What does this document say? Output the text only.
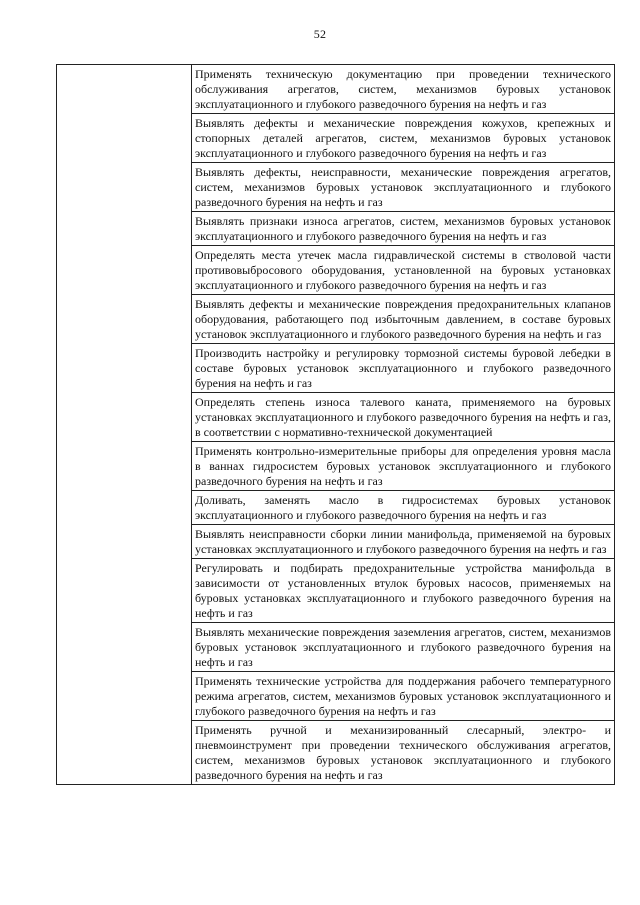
52

Применять техническую документацию при проведении технического обслуживания агрегатов, систем, механизмов буровых установок эксплуатационного и глубокого разведочного бурения на нефть и газ
Выявлять дефекты и механические повреждения кожухов, крепежных и стопорных деталей агрегатов, систем, механизмов буровых установок эксплуатационного и глубокого разведочного бурения на нефть и газ
Выявлять дефекты, неисправности, механические повреждения агрегатов, систем, механизмов буровых установок эксплуатационного и глубокого разведочного бурения на нефть и газ
Выявлять признаки износа агрегатов, систем, механизмов буровых установок эксплуатационного и глубокого разведочного бурения на нефть и газ
Определять места утечек масла гидравлической системы в стволовой части противовыбросового оборудования, установленной на буровых установках эксплуатационного и глубокого разведочного бурения на нефть и газ
Выявлять дефекты и механические повреждения предохранительных клапанов оборудования, работающего под избыточным давлением, в составе буровых установок эксплуатационного и глубокого разведочного бурения на нефть и газ
Производить настройку и регулировку тормозной системы буровой лебедки в составе буровых установок эксплуатационного и глубокого разведочного бурения на нефть и газ
Определять степень износа талевого каната, применяемого на буровых установках эксплуатационного и глубокого разведочного бурения на нефть и газ, в соответствии с нормативно-технической документацией
Применять контрольно-измерительные приборы для определения уровня масла в ваннах гидросистем буровых установок эксплуатационного и глубокого разведочного бурения на нефть и газ
Доливать, заменять масло в гидросистемах буровых установок эксплуатационного и глубокого разведочного бурения на нефть и газ
Выявлять неисправности сборки линии манифольда, применяемой на буровых установках эксплуатационного и глубокого разведочного бурения на нефть и газ
Регулировать и подбирать предохранительные устройства манифольда в зависимости от установленных втулок буровых насосов, применяемых на буровых установках эксплуатационного и глубокого разведочного бурения на нефть и газ
Выявлять механические повреждения заземления агрегатов, систем, механизмов буровых установок эксплуатационного и глубокого разведочного бурения на нефть и газ
Применять технические устройства для поддержания рабочего температурного режима агрегатов, систем, механизмов буровых установок эксплуатационного и глубокого разведочного бурения на нефть и газ
Применять ручной и механизированный слесарный, электро- и пневмоинструмент при проведении технического обслуживания агрегатов, систем, механизмов буровых установок эксплуатационного и глубокого разведочного бурения на нефть и газ
